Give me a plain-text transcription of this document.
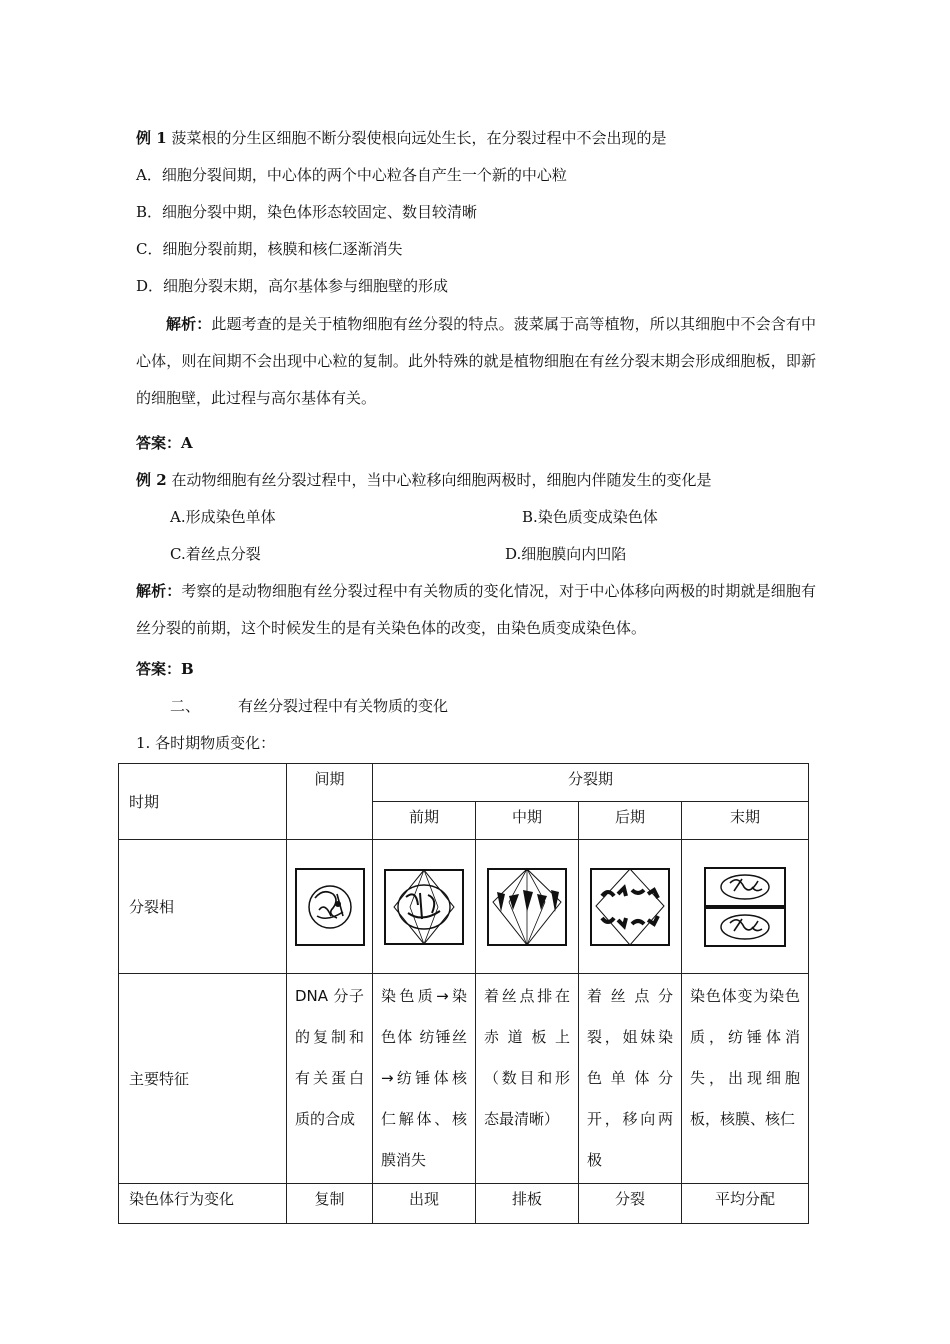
例 1 菠菜根的分生区细胞不断分裂使根向远处生长，在分裂过程中不会出现的是
A．细胞分裂间期，中心体的两个中心粒各自产生一个新的中心粒
B．细胞分裂中期，染色体形态较固定、数目较清晰
C．细胞分裂前期，核膜和核仁逐渐消失
D．细胞分裂末期，高尔基体参与细胞壁的形成
解析：此题考查的是关于植物细胞有丝分裂的特点。菠菜属于高等植物，所以其细胞中不会含有中心体，则在间期不会出现中心粒的复制。此外特殊的就是植物细胞在有丝分裂末期会形成细胞板，即新的细胞壁，此过程与高尔基体有关。
答案：A
例 2 在动物细胞有丝分裂过程中，当中心粒移向细胞两极时，细胞内伴随发生的变化是
A.形成染色单体	B.染色质变成染色体
C.着丝点分裂	D.细胞膜向内凹陷
解析：考察的是动物细胞有丝分裂过程中有关物质的变化情况，对于中心体移向两极的时期就是细胞有丝分裂的前期，这个时候发生的是有关染色体的改变，由染色质变成染色体。
答案：B
二、	有丝分裂过程中有关物质的变化
1. 各时期物质变化：
时期	间期	分裂期			
		前期	中期	后期	末期
分裂相	

主要特征	DNA 分子的复制和有关蛋白质的合成	染色质→染色体 纺锤丝→纺锤体核仁解体、核膜消失	着丝点排在赤道板上（数目和形态最清晰）	着丝点分裂，姐妹染色单体分开，移向两极	染色体变为染色质，纺锤体消失，出现细胞板，核膜、核仁
染色体行为变化	复制	出现	排板	分裂	平均分配
